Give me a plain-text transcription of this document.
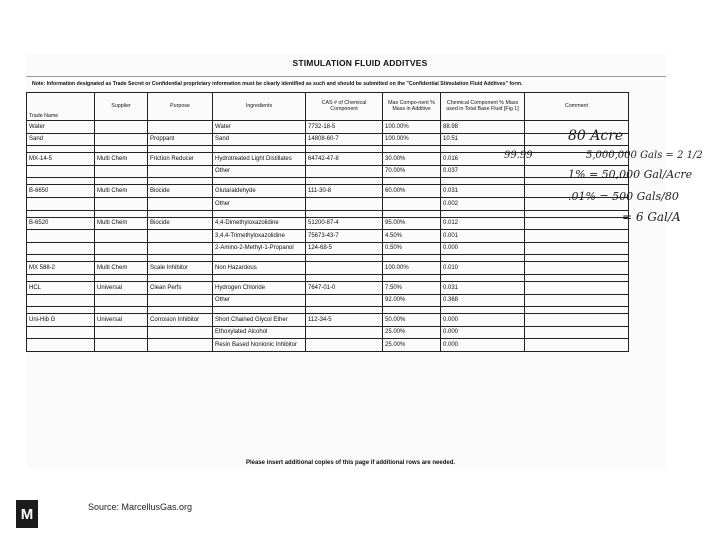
STIMULATION FLUID ADDITVES
Note: Information designated as Trade Secret or Confidential proprietary information must be clearly identified as such and should be submitted on the "Confidential Stimulation Fluid Additves" form.
Trade Name	Supplier	Purpose	Ingredients	CAS # of Chemical Component	Max Compo-nent % Mass in Additive	Chemical Component % Mass used in Total Base Fluid [Fig 1]	Comment
Water			Water	7732-18-5	100.00%	88.98	
Sand		Proppant	Sand	14808-60-7	100.00%	10.51	

MX-14-5	Multi Chem	Friction Reducer	Hydrotreated Light Distillates	64742-47-8	30.00%	0.016	
			Other		70.00%	0.037	

B-6650	Multi Chem	Biocide	Glutaraldehyde	111-30-8	60.00%	0.031	
			Other			0.002	

B-6520	Multi Chem	Biocide	4,4-Dimethyloxazolidine	51200-87-4	95.00%	0.012	
			3,4,4-Trimethyloxazolidine	75673-43-7	4.50%	0.001	
			2-Amino-2-Methyl-1-Propanol	124-68-5	0.50%	0.000	

MX 588-2	Multi Chem	Scale Inhibitor	Non Hazardous		100.00%	0.010	

HCL	Universal	Clean Perfs	Hydrogen Chloride	7647-01-0	7.50%	0.031	
			Other		92.00%	0.368	

Uni-Hib G	Universal	Corrosion Inhibitor	Short Chained Glycol Ether	112-34-5	50.00%	0.000	
			Ethoxylated Alcohol		25.00%	0.000	
			Resin Based Nonionic Inhibitor		25.00%	0.000	
Please insert additional copies of this page if additional rows are needed.
80 Acre
99.99	5,000,000 Gals = 2 1/2
1% = 50,000 Gal/Acre
.01% = 500 Gals/80
= 6 Gal/A
M	Source: MarcellusGas.org
